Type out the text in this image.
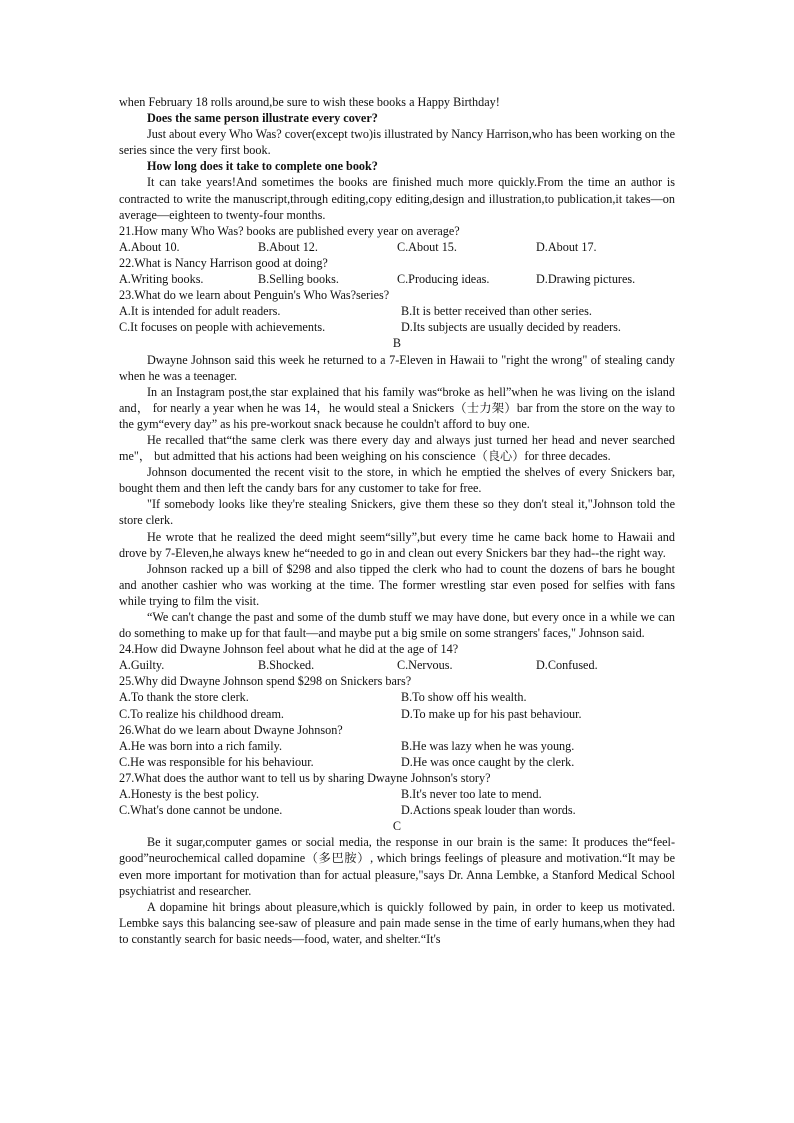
when February 18 rolls around,be sure to wish these books a Happy Birthday!

Does the same person illustrate every cover?

Just about every Who Was? cover(except two)is illustrated by Nancy Harrison,who has been working on the series since the very first book.

How long does it take to complete one book?

It can take years!And sometimes the books are finished much more quickly.From the time an author is contracted to write the manuscript,through editing,copy editing,design and illustration,to publication,it takes—on average—eighteen to twenty-four months.

21.How many Who Was? books are published every year on average?

A.About 10.	B.About 12.	C.About 15.	D.About 17.

22.What is Nancy Harrison good at doing?

A.Writing books.	B.Selling books.	C.Producing ideas.	D.Drawing pictures.

23.What do we learn about Penguin's Who Was?series?

A.It is intended for adult readers.	B.It is better received than other series.
C.It focuses on people with achievements.	D.Its subjects are usually decided by readers.

B

Dwayne Johnson said this week he returned to a 7-Eleven in Hawaii to "right the wrong" of stealing candy when he was a teenager.

In an Instagram post,the star explained that his family was“broke as hell”when he was living on the island and， for nearly a year when he was 14，he would steal a Snickers（士力架）bar from the store on the way to the gym“every day” as his pre-workout snack because he couldn't afford to buy one.

He recalled that“the same clerk was there every day and always just turned her head and never searched me"， but admitted that his actions had been weighing on his conscience（良心）for three decades.

Johnson documented the recent visit to the store, in which he emptied the shelves of every Snickers bar, bought them and then left the candy bars for any customer to take for free.

"If somebody looks like they're stealing Snickers, give them these so they don't steal it,"Johnson told the store clerk.

He wrote that he realized the deed might seem“silly”,but every time he came back home to Hawaii and drove by 7-Eleven,he always knew he“needed to go in and clean out every Snickers bar they had--the right way.

Johnson racked up a bill of $298 and also tipped the clerk who had to count the dozens of bars he bought and another cashier who was working at the time. The former wrestling star even posed for selfies with fans while trying to film the visit.

“We can't change the past and some of the dumb stuff we may have done, but every once in a while we can do something to make up for that fault—and maybe put a big smile on some strangers' faces," Johnson said.

24.How did Dwayne Johnson feel about what he did at the age of 14?

A.Guilty.	B.Shocked.	C.Nervous.	D.Confused.

25.Why did Dwayne Johnson spend $298 on Snickers bars?

A.To thank the store clerk.	B.To show off his wealth.
C.To realize his childhood dream.	D.To make up for his past behaviour.

26.What do we learn about Dwayne Johnson?

A.He was born into a rich family.	B.He was lazy when he was young.
C.He was responsible for his behaviour.	D.He was once caught by the clerk.

27.What does the author want to tell us by sharing Dwayne Johnson's story?

A.Honesty is the best policy.	B.It's never too late to mend.
C.What's done cannot be undone.	D.Actions speak louder than words.

C

Be it sugar,computer games or social media, the response in our brain is the same: It produces the“feel-good”neurochemical called dopamine（多巴胺）, which brings feelings of pleasure and motivation.“It may be even more important for motivation than for actual pleasure,"says Dr. Anna Lembke, a Stanford Medical School psychiatrist and researcher.

A dopamine hit brings about pleasure,which is quickly followed by pain, in order to keep us motivated. Lembke says this balancing see-saw of pleasure and pain made sense in the time of early humans,when they had to constantly search for basic needs—food, water, and shelter.“It's
